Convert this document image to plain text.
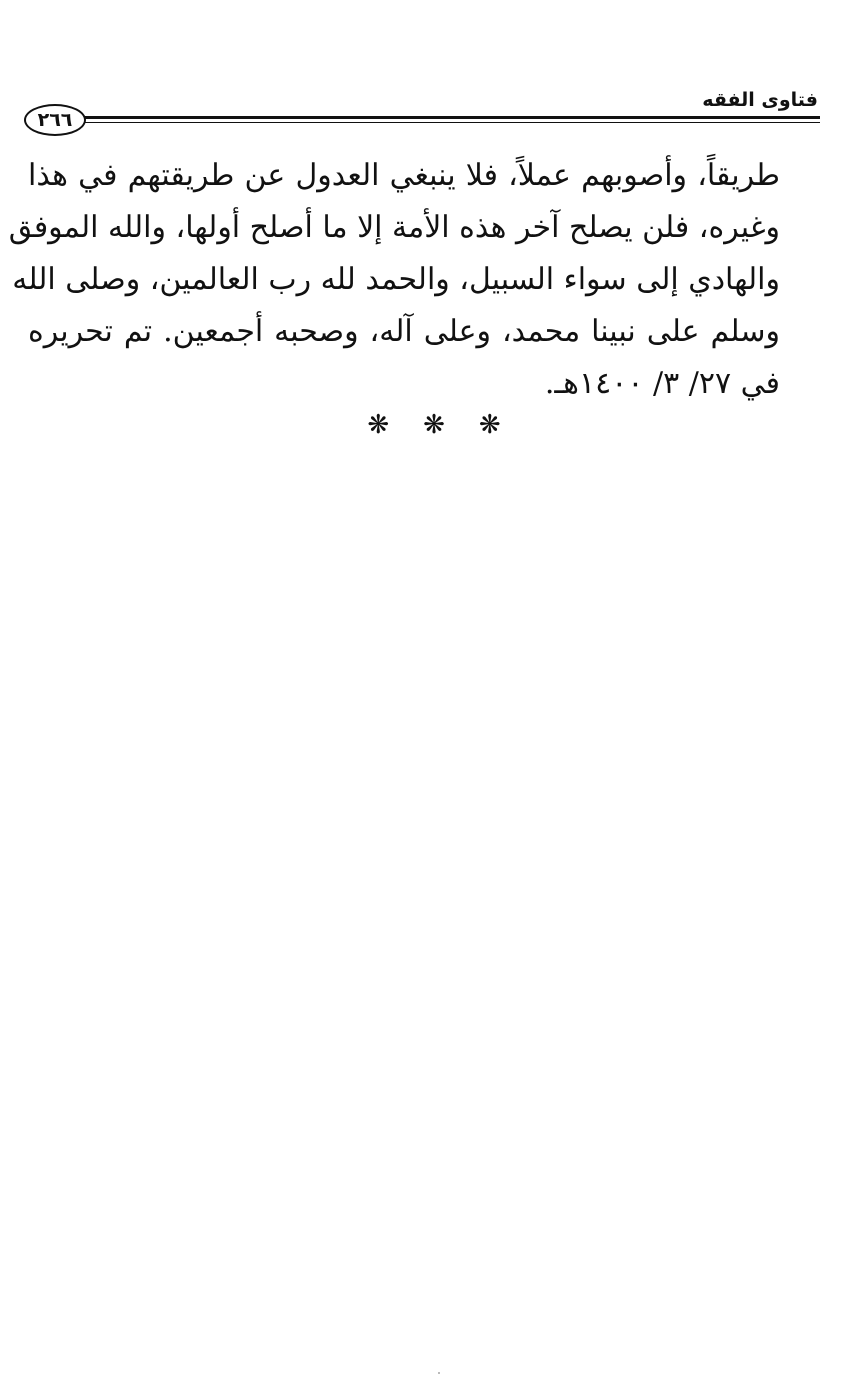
فتاوى الفقه
٢٦٦
طريقاً، وأصوبهم عملاً، فلا ينبغي العدول عن طريقتهم في هذا
وغيره، فلن يصلح آخر هذه الأمة إلا ما أصلح أولها، والله الموفق
والهادي إلى سواء السبيل، والحمد لله رب العالمين، وصلى الله
وسلم على نبينا محمد، وعلى آله، وصحبه أجمعين. تم تحريره
في ٢٧/ ٣/ ١٤٠٠هـ.
❋❋❋
